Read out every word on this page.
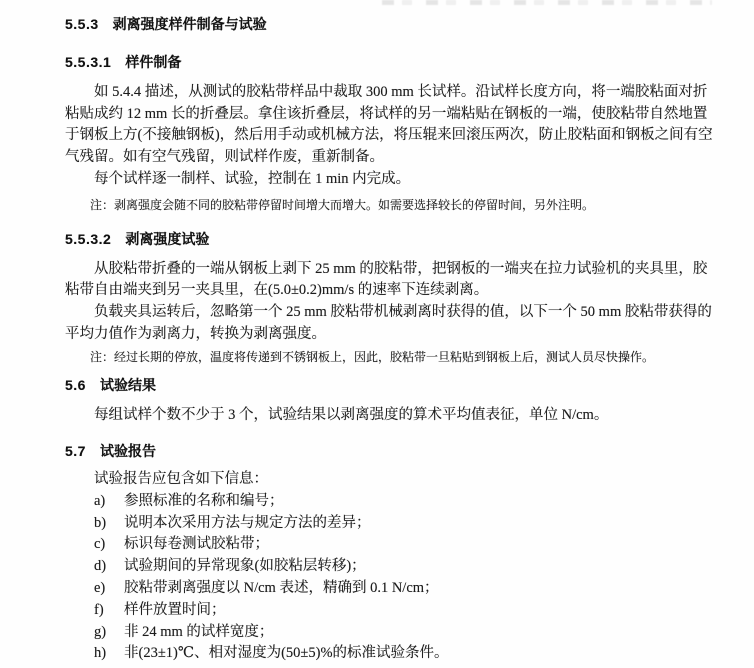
5.5.3 剥离强度样件制备与试验
5.5.3.1 样件制备

如 5.4.4 描述，从测试的胶粘带样品中裁取 300 mm 长试样。沿试样长度方向，将一端胶粘面对折

粘贴成约 12 mm 长的折叠层。拿住该折叠层，将试样的另一端粘贴在钢板的一端，使胶粘带自然地置

于钢板上方(不接触钢板)，然后用手动或机械方法，将压辊来回滚压两次，防止胶粘面和钢板之间有空

气残留。如有空气残留，则试样作废，重新制备。

每个试样逐一制样、试验，控制在 1 min 内完成。

注：剥离强度会随不同的胶粘带停留时间增大而增大。如需要选择较长的停留时间，另外注明。

5.5.3.2 剥离强度试验

从胶粘带折叠的一端从钢板上剥下 25 mm 的胶粘带，把钢板的一端夹在拉力试验机的夹具里，胶

粘带自由端夹到另一夹具里，在(5.0±0.2)mm/s 的速率下连续剥离。

负载夹具运转后，忽略第一个 25 mm 胶粘带机械剥离时获得的值，以下一个 50 mm 胶粘带获得的

平均力值作为剥离力，转换为剥离强度。

注：经过长期的停放，温度将传递到不锈钢板上，因此，胶粘带一旦粘贴到钢板上后，测试人员尽快操作。

5.6 试验结果

每组试样个数不少于 3 个，试验结果以剥离强度的算术平均值表征，单位 N/cm。

5.7 试验报告

试验报告应包含如下信息：

a) 参照标准的名称和编号；
b) 说明本次采用方法与规定方法的差异；
c) 标识每卷测试胶粘带；
d) 试验期间的异常现象(如胶粘层转移)；
e) 胶粘带剥离强度以 N/cm 表述，精确到 0.1 N/cm；
f) 样件放置时间；
g) 非 24 mm 的试样宽度；
h) 非(23±1)℃、相对湿度为(50±5)%的标准试验条件。
